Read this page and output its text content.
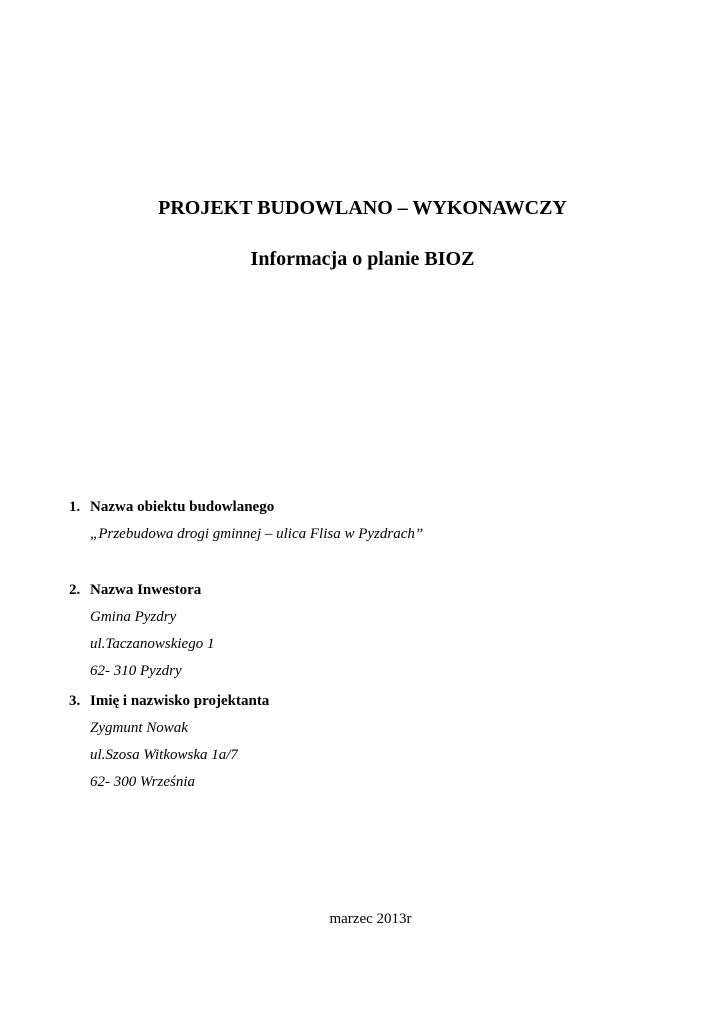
PROJEKT BUDOWLANO – WYKONAWCZY
Informacja o planie BIOZ
1. Nazwa obiektu budowlanego
„Przebudowa drogi gminnej – ulica Flisa w Pyzdrach”
2. Nazwa Inwestora
Gmina Pyzdry
ul.Taczanowskiego 1
62- 310 Pyzdry
3. Imię i nazwisko projektanta
Zygmunt Nowak
ul.Szosa Witkowska 1a/7
62- 300 Września
marzec 2013r
